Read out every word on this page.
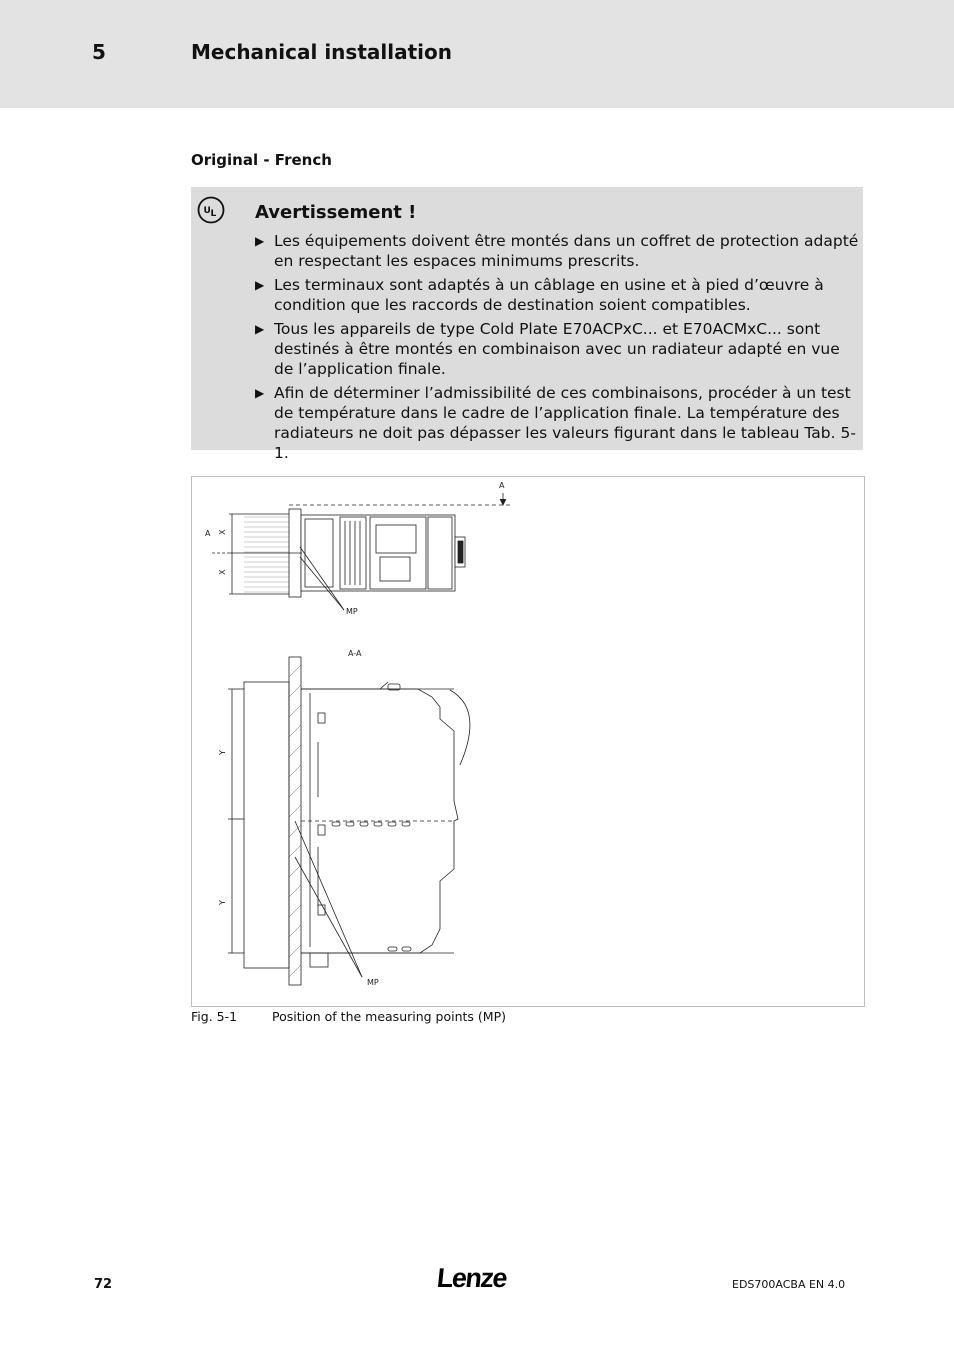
5	Mechanical installation
Original - French
U L Avertissement !
▶ Les équipements doivent être montés dans un coffret de protection adapté en respectant les espaces minimums prescrits.
▶ Les terminaux sont adaptés à un câblage en usine et à pied d’œuvre à condition que les raccords de destination soient compatibles.
▶ Tous les appareils de type Cold Plate E70ACPxC... et E70ACMxC... sont destinés à être montés en combinaison avec un radiateur adapté en vue de l’application finale.
▶ Afin de déterminer l’admissibilité de ces combinaisons, procéder à un test de température dans le cadre de l’application finale. La température des radiateurs ne doit pas dépasser les valeurs figurant dans le tableau Tab. 5-1.
A
A X
X
MP
A-A
Y
Y
MP
Fig. 5-1	Position of the measuring points (MP)
72	Lenze	EDS700ACBA EN 4.0
